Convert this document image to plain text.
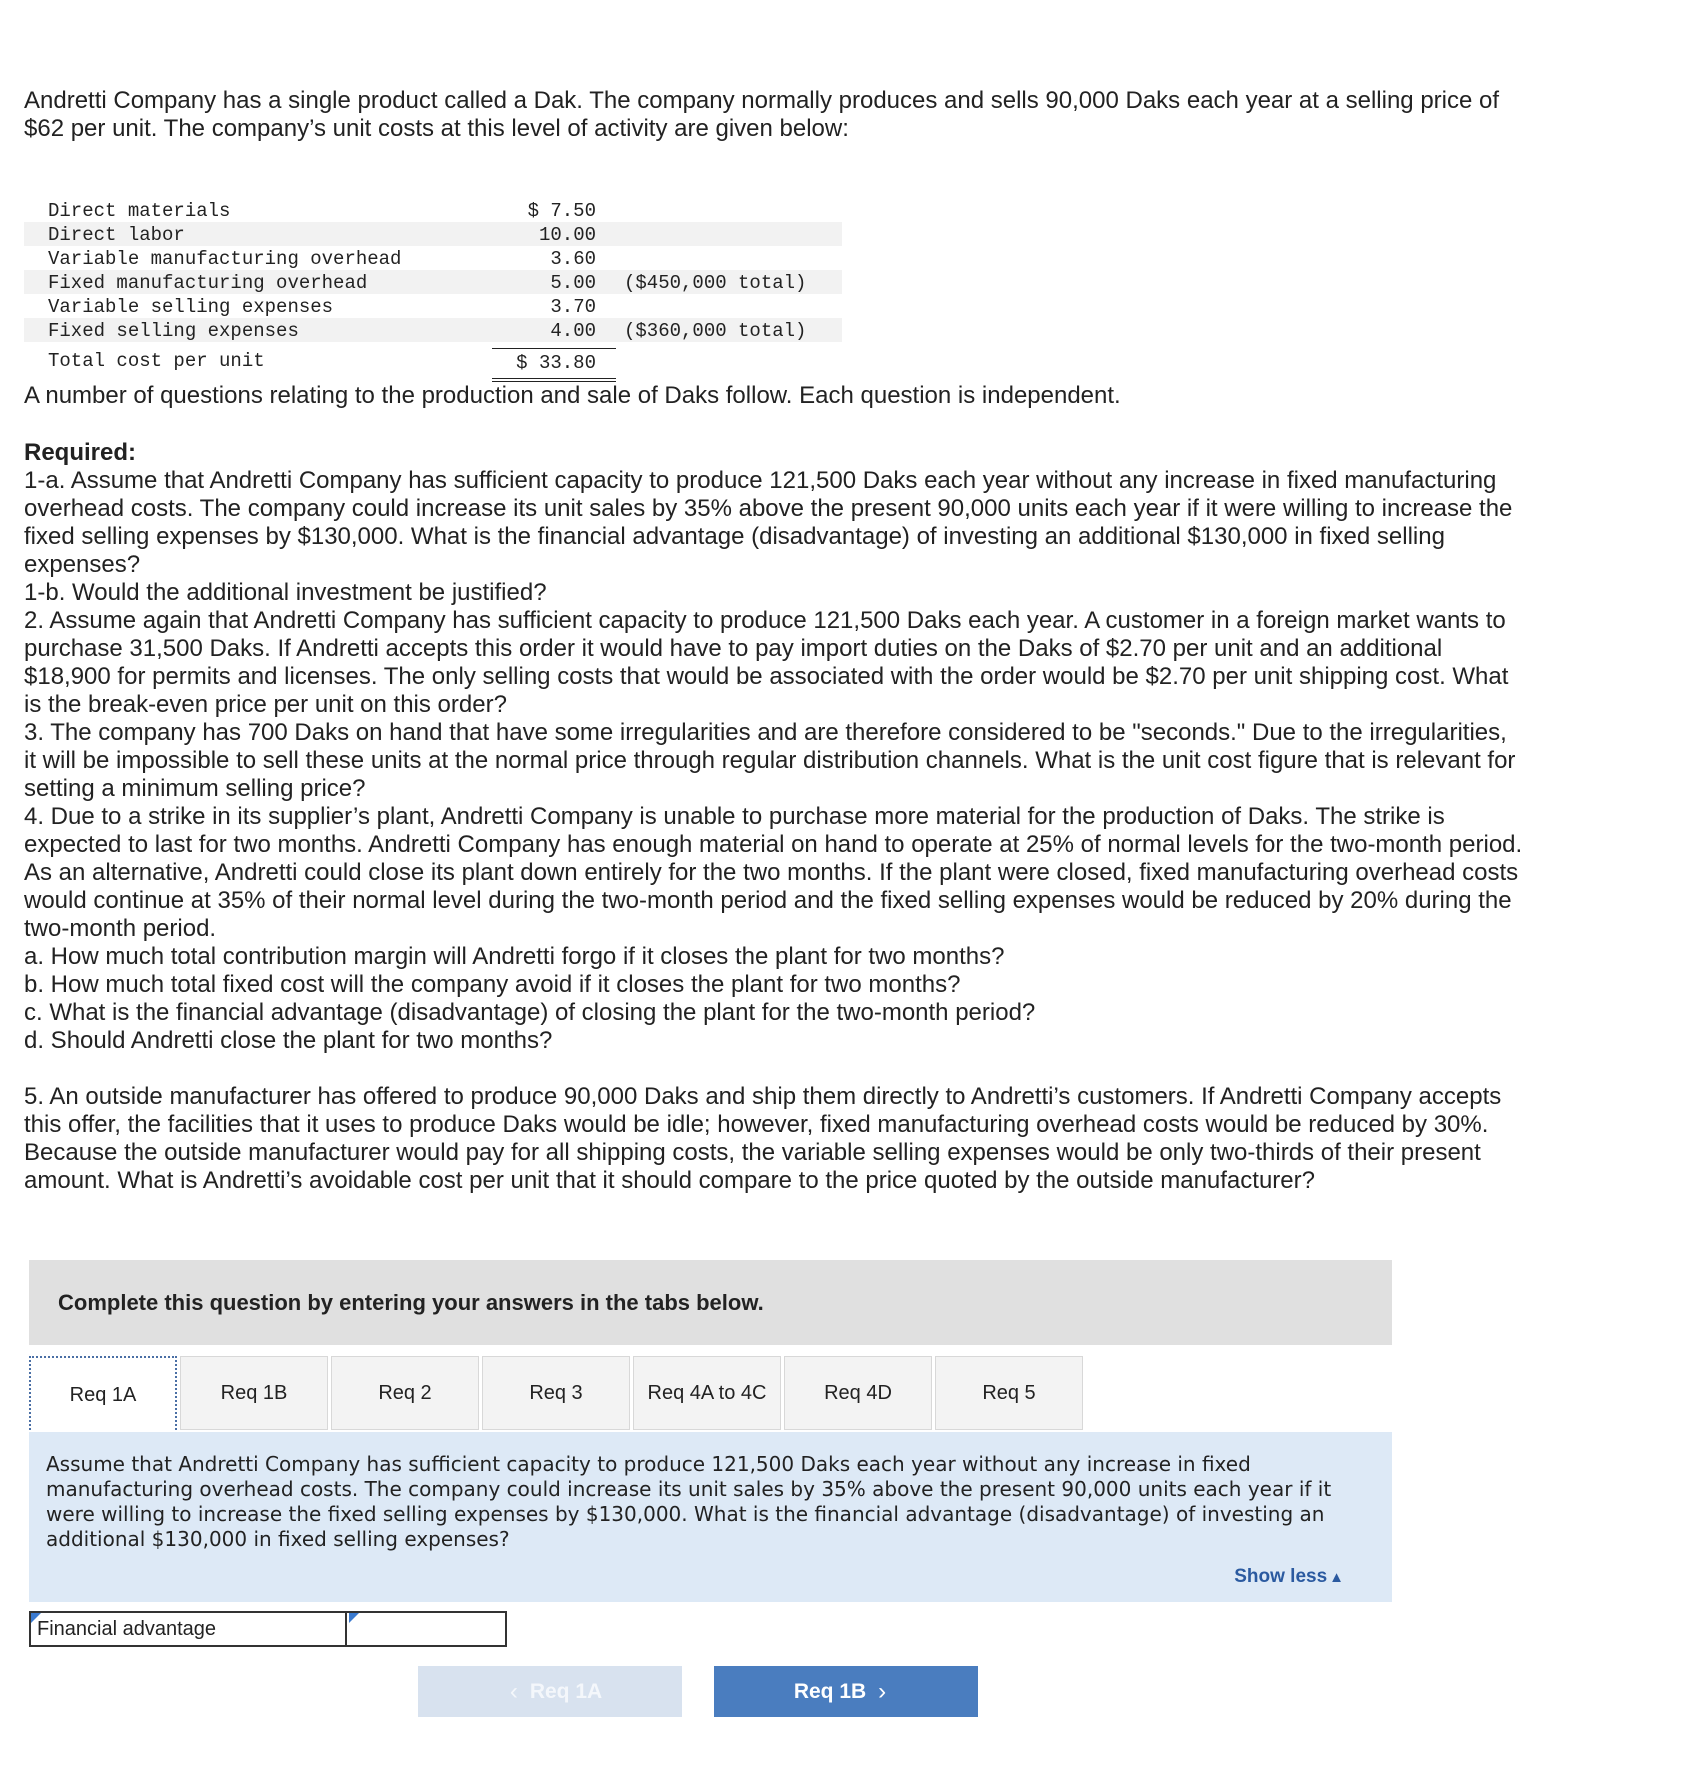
Andretti Company has a single product called a Dak. The company normally produces and sells 90,000 Daks each year at a selling price of $62 per unit. The company’s unit costs at this level of activity are given below:

Direct materials	$ 7.50
Direct labor	10.00
Variable manufacturing overhead	3.60
Fixed manufacturing overhead	5.00 ($450,000 total)
Variable selling expenses	3.70
Fixed selling expenses	4.00 ($360,000 total)
Total cost per unit	$ 33.80

A number of questions relating to the production and sale of Daks follow. Each question is independent.

Required:

1-a. Assume that Andretti Company has sufficient capacity to produce 121,500 Daks each year without any increase in fixed manufacturing overhead costs. The company could increase its unit sales by 35% above the present 90,000 units each year if it were willing to increase the fixed selling expenses by $130,000. What is the financial advantage (disadvantage) of investing an additional $130,000 in fixed selling expenses?

1-b. Would the additional investment be justified?

2. Assume again that Andretti Company has sufficient capacity to produce 121,500 Daks each year. A customer in a foreign market wants to purchase 31,500 Daks. If Andretti accepts this order it would have to pay import duties on the Daks of $2.70 per unit and an additional $18,900 for permits and licenses. The only selling costs that would be associated with the order would be $2.70 per unit shipping cost. What is the break-even price per unit on this order?

3. The company has 700 Daks on hand that have some irregularities and are therefore considered to be "seconds." Due to the irregularities, it will be impossible to sell these units at the normal price through regular distribution channels. What is the unit cost figure that is relevant for setting a minimum selling price?

4. Due to a strike in its supplier’s plant, Andretti Company is unable to purchase more material for the production of Daks. The strike is expected to last for two months. Andretti Company has enough material on hand to operate at 25% of normal levels for the two-month period. As an alternative, Andretti could close its plant down entirely for the two months. If the plant were closed, fixed manufacturing overhead costs would continue at 35% of their normal level during the two-month period and the fixed selling expenses would be reduced by 20% during the two-month period.

a. How much total contribution margin will Andretti forgo if it closes the plant for two months?

b. How much total fixed cost will the company avoid if it closes the plant for two months?

c. What is the financial advantage (disadvantage) of closing the plant for the two-month period?

d. Should Andretti close the plant for two months?

5. An outside manufacturer has offered to produce 90,000 Daks and ship them directly to Andretti’s customers. If Andretti Company accepts this offer, the facilities that it uses to produce Daks would be idle; however, fixed manufacturing overhead costs would be reduced by 30%. Because the outside manufacturer would pay for all shipping costs, the variable selling expenses would be only two-thirds of their present amount. What is Andretti’s avoidable cost per unit that it should compare to the price quoted by the outside manufacturer?

Complete this question by entering your answers in the tabs below.
Req 1A	Req 1B	Req 2	Req 3	Req 4A to 4C	Req 4D	Req 5

Assume that Andretti Company has sufficient capacity to produce 121,500 Daks each year without any increase in fixed manufacturing overhead costs. The company could increase its unit sales by 35% above the present 90,000 units each year if it were willing to increase the fixed selling expenses by $130,000. What is the financial advantage (disadvantage) of investing an additional $130,000 in fixed selling expenses?

Show less ▲
Financial advantage
‹ Req 1A	Req 1B ›
